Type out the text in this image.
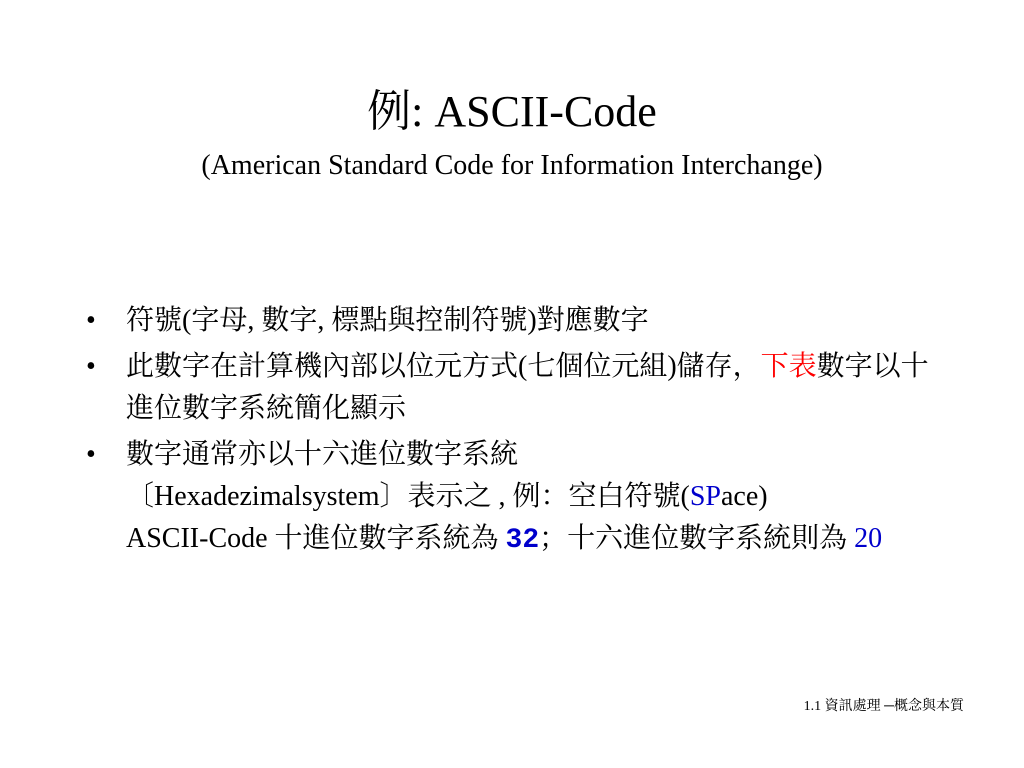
例: ASCII-Code
(American Standard Code for Information Interchange)
• 符號(字母, 數字, 標點與控制符號)對應數字
• 此數字在計算機內部以位元方式(七個位元組)儲存，下表數字以十進位數字系統簡化顯示
• 數字通常亦以十六進位數字系統
〔Hexadezimalsystem〕表示之 , 例：空白符號(SPace)
ASCII-Code 十進位數字系統為 32；十六進位數字系統則為 20
1.1 資訊處理 ─概念與本質
